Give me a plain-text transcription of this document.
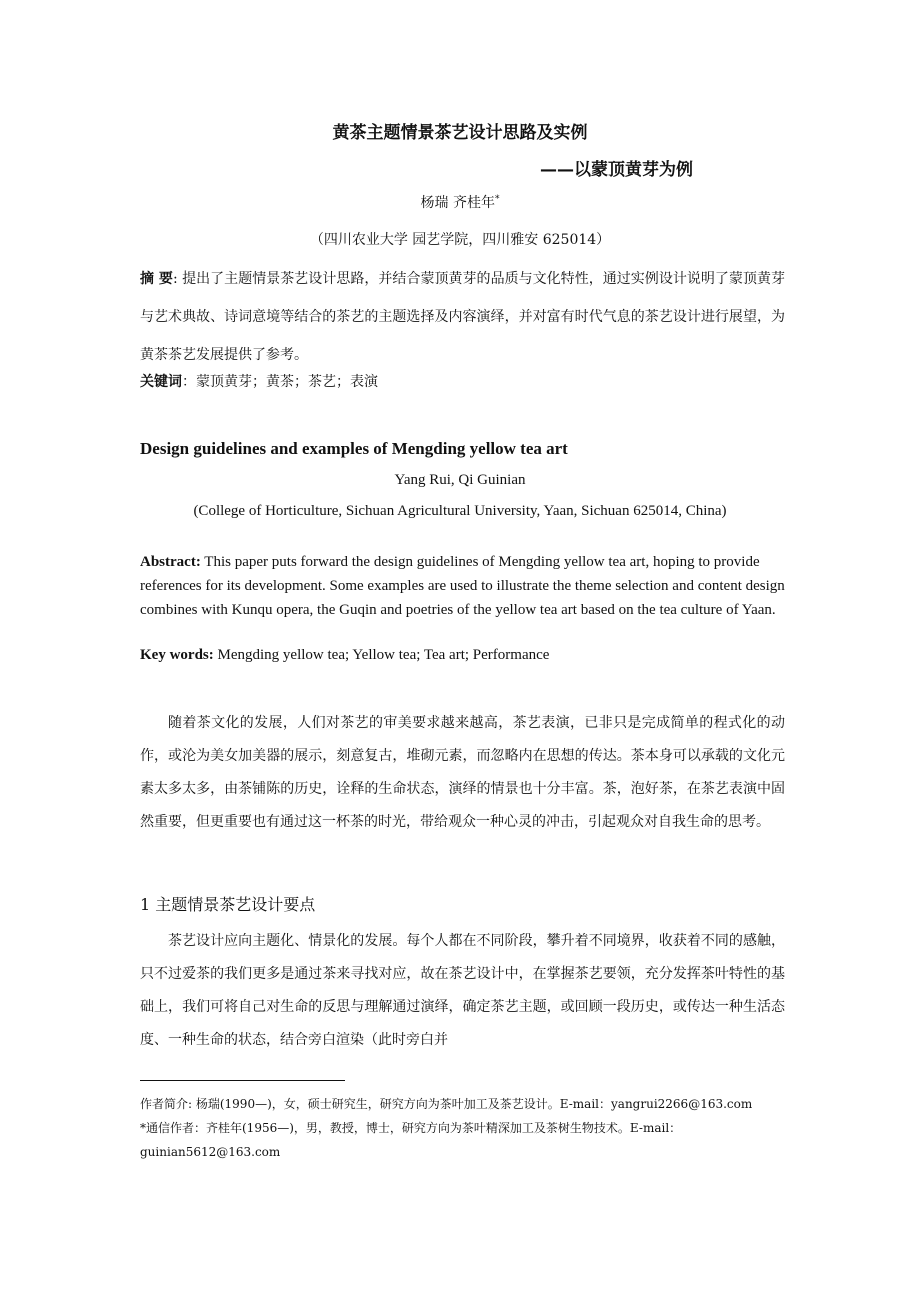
黄茶主题情景茶艺设计思路及实例
——以蒙顶黄芽为例
杨瑞 齐桂年*
（四川农业大学 园艺学院，四川雅安 625014）
摘 要: 提出了主题情景茶艺设计思路，并结合蒙顶黄芽的品质与文化特性，通过实例设计说明了蒙顶黄芽与艺术典故、诗词意境等结合的茶艺的主题选择及内容演绎，并对富有时代气息的茶艺设计进行展望，为黄茶茶艺发展提供了参考。
关键词：蒙顶黄芽；黄茶；茶艺；表演
Design guidelines and examples of Mengding yellow tea art
Yang Rui, Qi Guinian
(College of Horticulture, Sichuan Agricultural University, Yaan, Sichuan 625014, China)
Abstract: This paper puts forward the design guidelines of Mengding yellow tea art, hoping to provide references for its development. Some examples are used to illustrate the theme selection and content design combines with Kunqu opera, the Guqin and poetries of the yellow tea art based on the tea culture of Yaan.
Key words: Mengding yellow tea; Yellow tea; Tea art; Performance
随着茶文化的发展，人们对茶艺的审美要求越来越高，茶艺表演，已非只是完成简单的程式化的动作，或沦为美女加美器的展示，刻意复古，堆砌元素，而忽略内在思想的传达。茶本身可以承载的文化元素太多太多，由茶铺陈的历史，诠释的生命状态，演绎的情景也十分丰富。茶，泡好茶，在茶艺表演中固然重要，但更重要也有通过这一杯茶的时光，带给观众一种心灵的冲击，引起观众对自我生命的思考。
1 主题情景茶艺设计要点
茶艺设计应向主题化、情景化的发展。每个人都在不同阶段，攀升着不同境界，收获着不同的感触，只不过爱茶的我们更多是通过茶来寻找对应，故在茶艺设计中，在掌握茶艺要领，充分发挥茶叶特性的基础上，我们可将自己对生命的反思与理解通过演绎，确定茶艺主题，或回顾一段历史，或传达一种生活态度、一种生命的状态，结合旁白渲染（此时旁白并
作者简介: 杨瑞(1990—)，女，硕士研究生，研究方向为茶叶加工及茶艺设计。E-mail：yangrui2266@163.com
*通信作者：齐桂年(1956—)，男，教授，博士，研究方向为茶叶精深加工及茶树生物技术。E-mail：guinian5612@163.com
